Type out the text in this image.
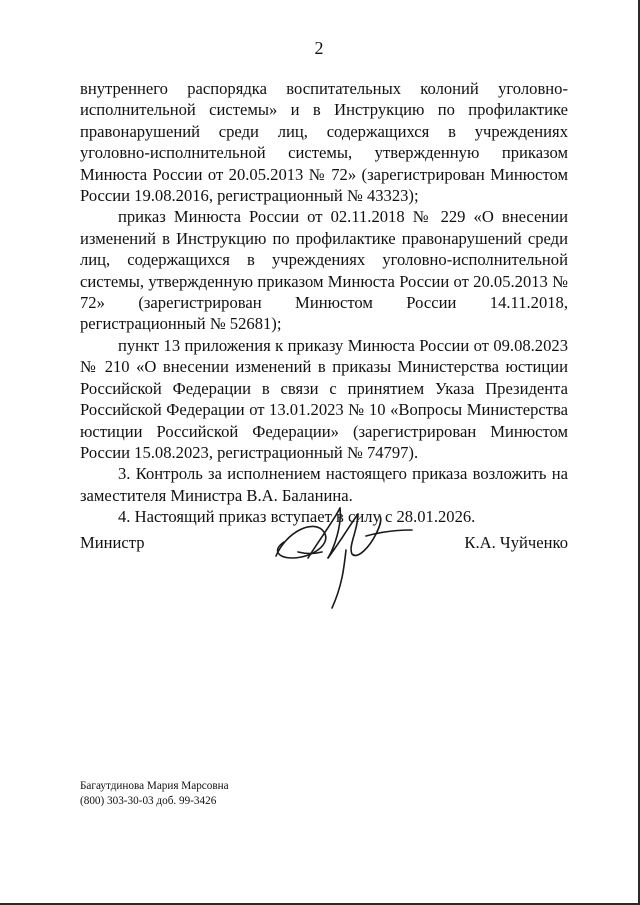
2

внутреннего распорядка воспитательных колоний уголовно-исполнительной системы» и в Инструкцию по профилактике правонарушений среди лиц, содержащихся в учреждениях уголовно-исполнительной системы, утвержденную приказом Минюста России от 20.05.2013 № 72» (зарегистрирован Минюстом России 19.08.2016, регистрационный № 43323);

приказ Минюста России от 02.11.2018 № 229 «О внесении изменений в Инструкцию по профилактике правонарушений среди лиц, содержащихся в учреждениях уголовно-исполнительной системы, утвержденную приказом Минюста России от 20.05.2013 № 72» (зарегистрирован Минюстом России 14.11.2018, регистрационный № 52681);

пункт 13 приложения к приказу Минюста России от 09.08.2023 № 210 «О внесении изменений в приказы Министерства юстиции Российской Федерации в связи с принятием Указа Президента Российской Федерации от 13.01.2023 № 10 «Вопросы Министерства юстиции Российской Федерации» (зарегистрирован Минюстом России 15.08.2023, регистрационный № 74797).

3. Контроль за исполнением настоящего приказа возложить на заместителя Министра В.А. Баланина.

4. Настоящий приказ вступает в силу с 28.01.2026.

Министр	К.А. Чуйченко
Багаутдинова Мария Марсовна
(800) 303-30-03 доб. 99-3426
